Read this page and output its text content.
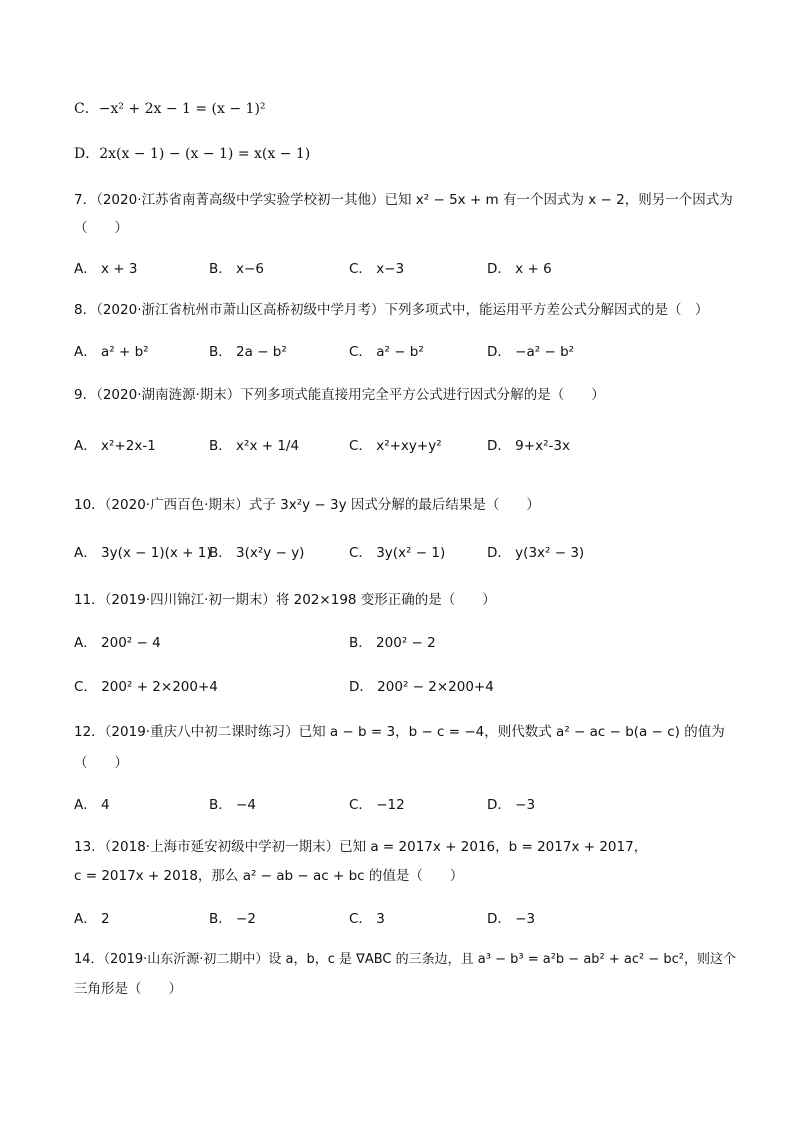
C．−x² + 2x − 1 = (x − 1)²
D．2x(x − 1) − (x − 1) = x(x − 1)
7．（2020·江苏省南菁高级中学实验学校初一其他）已知 x² − 5x + m 有一个因式为 x − 2，则另一个因式为
（　　）
A． x + 3	B． x−6	C． x−3	D． x + 6
8．（2020·浙江省杭州市萧山区高桥初级中学月考）下列多项式中，能运用平方差公式分解因式的是（　）
A． a² + b²	B． 2a − b²	C． a² − b²	D． −a² − b²
9．（2020·湖南涟源·期末）下列多项式能直接用完全平方公式进行因式分解的是（　　）
A． x²+2x-1	B． x²x + 1/4	C． x²+xy+y²	D． 9+x²-3x
10．（2020·广西百色·期末）式子 3x²y − 3y 因式分解的最后结果是（　　）
A． 3y(x − 1)(x + 1)
B． 3(x²y − y)	C． 3y(x² − 1)	D． y(3x² − 3)
11．（2019·四川锦江·初一期末）将 202×198 变形正确的是（　　）
A． 200² − 4	B． 200² − 2
C． 200² + 2×200+4	D． 200² − 2×200+4
12．（2019·重庆八中初二课时练习）已知 a − b = 3，b − c = −4，则代数式 a² − ac − b(a − c) 的值为
（　　）
A． 4	B． −4	C． −12	D． −3
13．（2018·上海市延安初级中学初一期末）已知 a = 2017x + 2016，b = 2017x + 2017，
c = 2017x + 2018，那么 a² − ab − ac + bc 的值是（　　）
A． 2	B． −2	C． 3	D． −3
14．（2019·山东沂源·初二期中）设 a，b，c 是 ∇ABC 的三条边，且 a³ − b³ = a²b − ab² + ac² − bc²，则这个
三角形是（　　）
